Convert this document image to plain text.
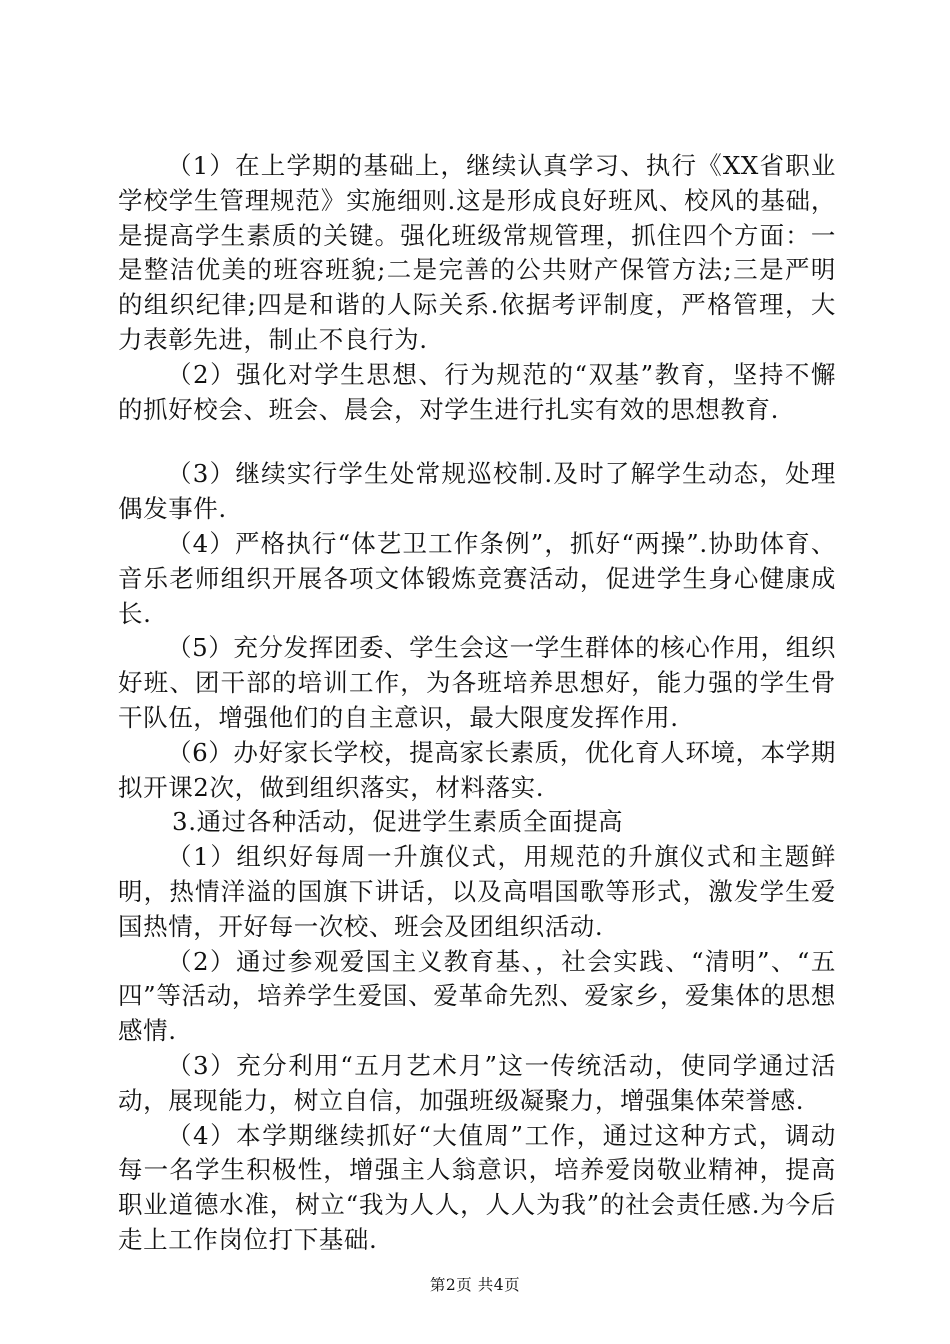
（1）在上学期的基础上，继续认真学习、执行《XX省职业学校学生管理规范》实施细则.这是形成良好班风、校风的基础，是提高学生素质的关键。强化班级常规管理，抓住四个方面：一是整洁优美的班容班貌;二是完善的公共财产保管方法;三是严明的组织纪律;四是和谐的人际关系.依据考评制度，严格管理，大力表彰先进，制止不良行为.

（2）强化对学生思想、行为规范的“双基”教育，坚持不懈的抓好校会、班会、晨会，对学生进行扎实有效的思想教育.

（3）继续实行学生处常规巡校制.及时了解学生动态，处理偶发事件.

（4）严格执行“体艺卫工作条例”，抓好“两操”.协助体育、音乐老师组织开展各项文体锻炼竞赛活动，促进学生身心健康成长.

（5）充分发挥团委、学生会这一学生群体的核心作用，组织好班、团干部的培训工作，为各班培养思想好，能力强的学生骨干队伍，增强他们的自主意识，最大限度发挥作用.

（6）办好家长学校，提高家长素质，优化育人环境，本学期拟开课2次，做到组织落实，材料落实.

3.通过各种活动，促进学生素质全面提高

（1）组织好每周一升旗仪式，用规范的升旗仪式和主题鲜明，热情洋溢的国旗下讲话，以及高唱国歌等形式，激发学生爱国热情，开好每一次校、班会及团组织活动.

（2）通过参观爱国主义教育基、，社会实践、“清明”、“五四”等活动，培养学生爱国、爱革命先烈、爱家乡，爱集体的思想感情.

（3）充分利用“五月艺术月”这一传统活动，使同学通过活动，展现能力，树立自信，加强班级凝聚力，增强集体荣誉感.

（4）本学期继续抓好“大值周”工作，通过这种方式，调动每一名学生积极性，增强主人翁意识，培养爱岗敬业精神，提高职业道德水准，树立“我为人人，人人为我”的社会责任感.为今后走上工作岗位打下基础.

第2页 共4页
